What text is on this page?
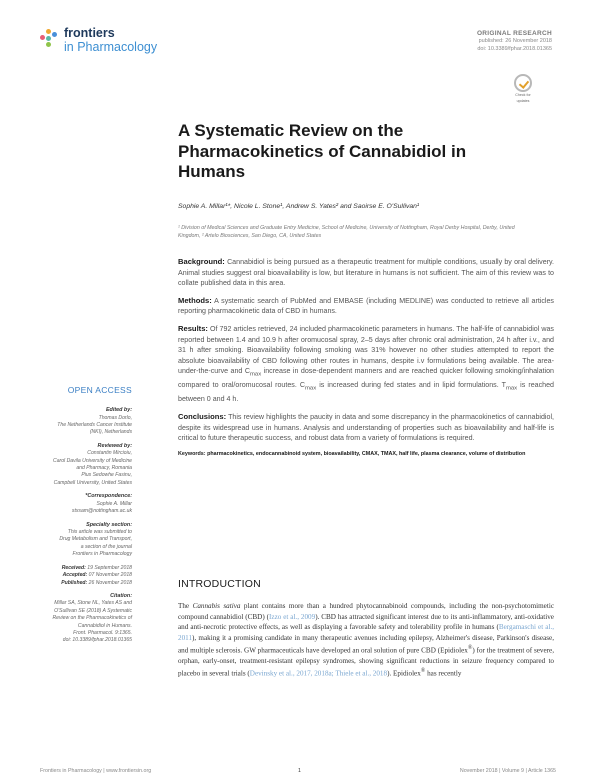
frontiers
in Pharmacology
ORIGINAL RESEARCH
published: 26 November 2018
doi: 10.3389/fphar.2018.01365
Check for
updates
A Systematic Review on the Pharmacokinetics of Cannabidiol in Humans
Sophie A. Millar¹*, Nicole L. Stone¹, Andrew S. Yates² and Saoirse E. O'Sullivan¹
¹ Division of Medical Sciences and Graduate Entry Medicine, School of Medicine, University of Nottingham, Royal Derby Hospital, Derby, United Kingdom, ² Artelo Biosciences, San Diego, CA, United States

Background: Cannabidiol is being pursued as a therapeutic treatment for multiple conditions, usually by oral delivery. Animal studies suggest oral bioavailability is low, but literature in humans is not sufficient. The aim of this review was to collate published data in this area.

Methods: A systematic search of PubMed and EMBASE (including MEDLINE) was conducted to retrieve all articles reporting pharmacokinetic data of CBD in humans.

Results: Of 792 articles retrieved, 24 included pharmacokinetic parameters in humans. The half-life of cannabidiol was reported between 1.4 and 10.9 h after oromucosal spray, 2–5 days after chronic oral administration, 24 h after i.v., and 31 h after smoking. Bioavailability following smoking was 31% however no other studies attempted to report the absolute bioavailability of CBD following other routes in humans, despite i.v formulations being available. The area-under-the-curve and $C_{max}$ increase in dose-dependent manners and are reached quicker following smoking/inhalation compared to oral/oromucosal routes. $C_{max}$ is increased during fed states and in lipid formulations. $T_{max}$ is reached between 0 and 4 h.

Conclusions: This review highlights the paucity in data and some discrepancy in the pharmacokinetics of cannabidiol, despite its widespread use in humans. Analysis and understanding of properties such as bioavailability and half-life is critical to future therapeutic success, and robust data from a variety of formulations is required.

Keywords: pharmacokinetics, endocannabinoid system, bioavailability, CMAX, TMAX, half life, plasma clearance, volume of distribution
OPEN ACCESS
Edited by:
Thomas Dorlo,
The Netherlands Cancer Institute
(NKI), Netherlands
Reviewed by:
Constantin Mircioiu,
Carol Davila University of Medicine
and Pharmacy, Romania
Pius Sedowhe Fasinu,
Campbell University, United States
*Correspondence:
Sophie A. Millar
stxsam@nottingham.ac.uk
Specialty section:
This article was submitted to
Drug Metabolism and Transport,
a section of the journal
Frontiers in Pharmacology
Received: 19 September 2018
Accepted: 07 November 2018
Published: 26 November 2018
Citation:
Millar SA, Stone NL, Yates AS and
O'Sullivan SE (2018) A Systematic
Review on the Pharmacokinetics of
Cannabidiol in Humans.
Front. Pharmacol. 9:1365.
doi: 10.3389/fphar.2018.01365
INTRODUCTION
The Cannabis sativa plant contains more than a hundred phytocannabinoid compounds, including the non-psychotomimetic compound cannabidiol (CBD) (Izzo et al., 2009). CBD has attracted significant interest due to its anti-inflammatory, anti-oxidative and anti-necrotic protective effects, as well as displaying a favorable safety and tolerability profile in humans (Bergamaschi et al., 2011), making it a promising candidate in many therapeutic avenues including epilepsy, Alzheimer's disease, Parkinson's disease, and multiple sclerosis. GW pharmaceuticals have developed an oral solution of pure CBD (Epidiolex®) for the treatment of severe, orphan, early-onset, treatment-resistant epilepsy syndromes, showing significant reductions in seizure frequency compared to placebo in several trials (Devinsky et al., 2017, 2018a; Thiele et al., 2018). Epidiolex® has recently
Frontiers in Pharmacology | www.frontiersin.org	1	November 2018 | Volume 9 | Article 1365
